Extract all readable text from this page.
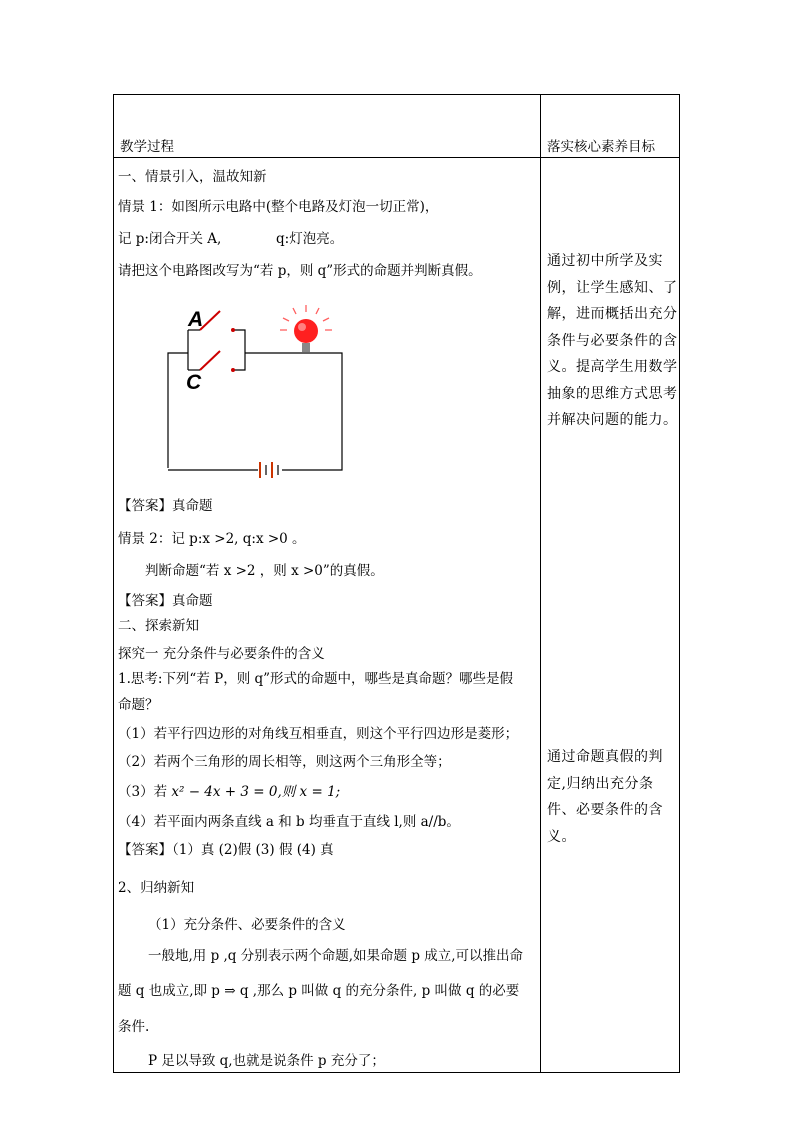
教学过程	落实核心素养目标
一、情景引入，温故知新
情景 1：如图所示电路中(整个电路及灯泡一切正常)，
记 p:闭合开关 A,	q:灯泡亮。
请把这个电路图改写为“若 p，则 q”形式的命题并判断真假。
A
C
【答案】真命题
情景 2：记 p:x >2, q:x >0 。
判断命题“若 x >2 ，则 x >0”的真假。
【答案】真命题
二、探索新知
探究一 充分条件与必要条件的含义
1.思考:下列“若 P，则 q”形式的命题中，哪些是真命题？哪些是假
命题？
（1）若平行四边形的对角线互相垂直，则这个平行四边形是菱形；
（2）若两个三角形的周长相等，则这两个三角形全等；
（3）若 x² − 4x + 3 = 0,则 x = 1;
（4）若平面内两条直线 a 和 b 均垂直于直线 l,则 a//b。
【答案】（1）真 (2)假 (3) 假 (4) 真
2、归纳新知
（1）充分条件、必要条件的含义
一般地,用 p ,q 分别表示两个命题,如果命题 p 成立,可以推出命
题 q 也成立,即 p ⇒ q ,那么 p 叫做 q 的充分条件, p 叫做 q 的必要
条件.
P 足以导致 q,也就是说条件 p 充分了；
通过初中所学及实例，让学生感知、了解，进而概括出充分条件与必要条件的含义。提高学生用数学抽象的思维方式思考并解决问题的能力。
通过命题真假的判定,归纳出充分条件、必要条件的含义。
